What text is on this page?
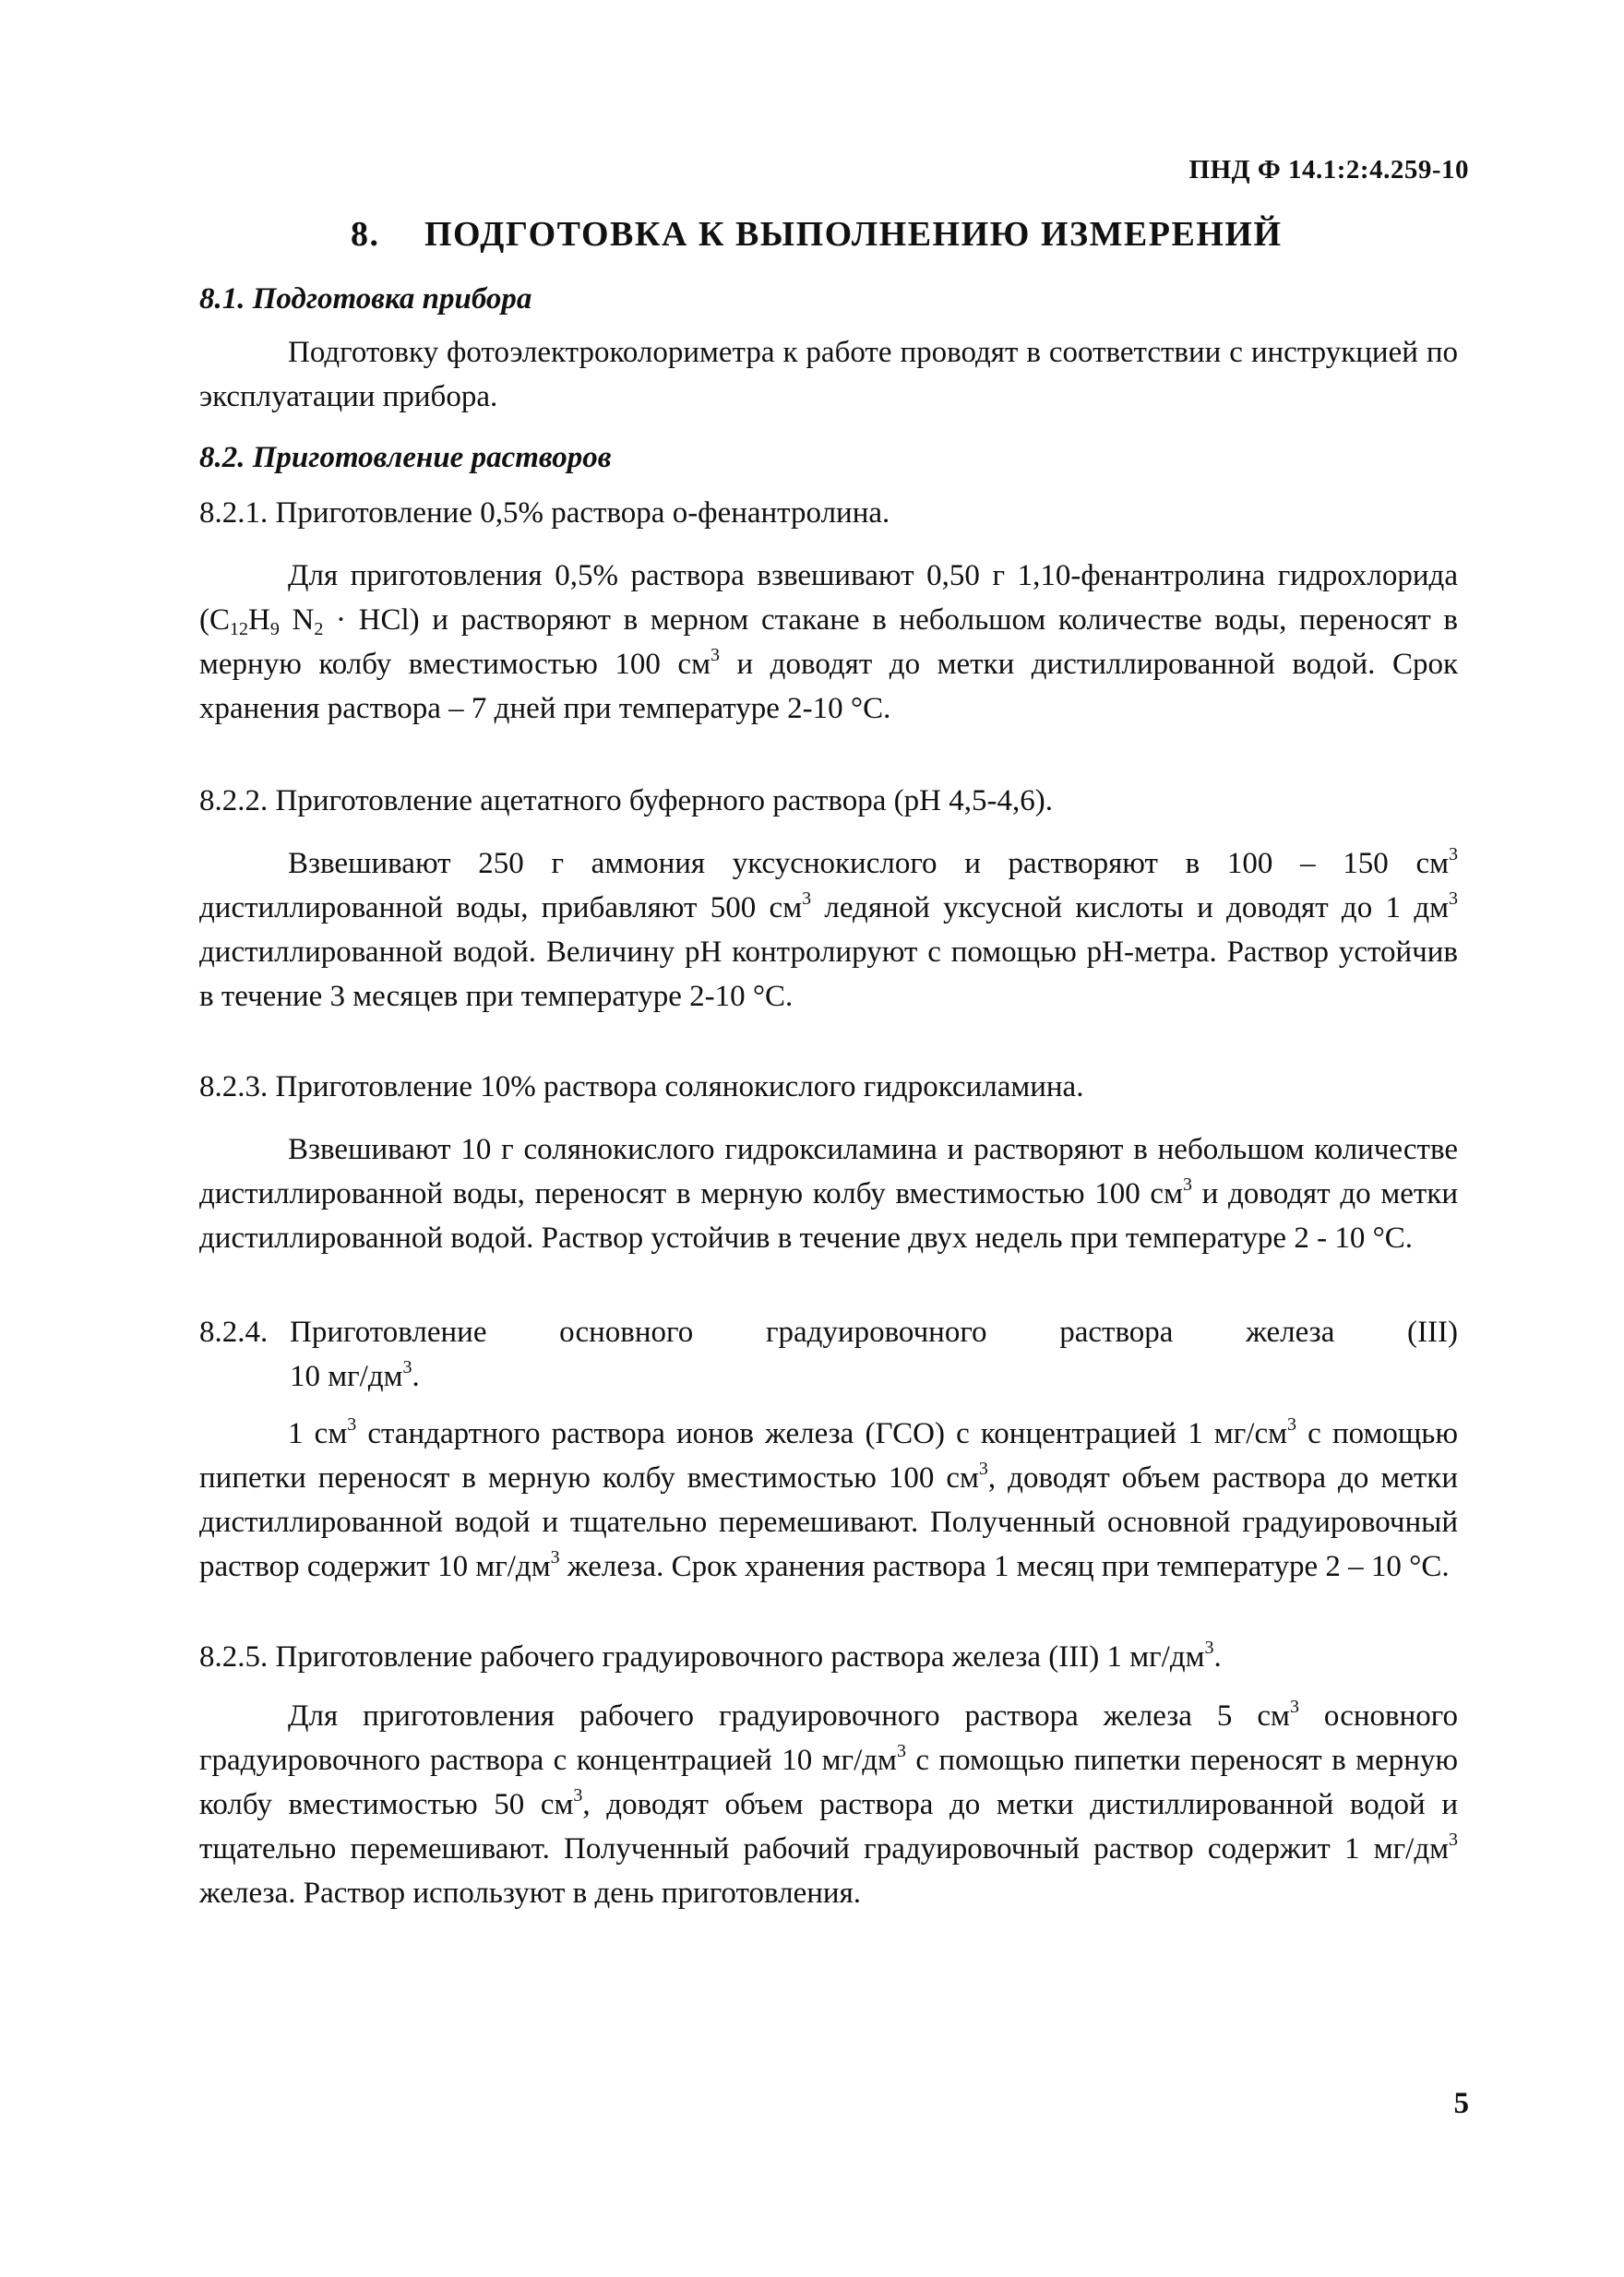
ПНД Ф 14.1:2:4.259-10
8. ПОДГОТОВКА К ВЫПОЛНЕНИЮ ИЗМЕРЕНИЙ
8.1. Подготовка прибора

Подготовку фотоэлектроколориметра к работе проводят в соответствии с инструкцией по эксплуатации прибора.

8.2. Приготовление растворов
8.2.1. Приготовление 0,5% раствора о-фенантролина.

Для приготовления 0,5% раствора взвешивают 0,50 г 1,10-фенантролина гидрохлорида ($C_{12}H_9$ $N_2 \cdot HCl$) и растворяют в мерном стакане в небольшом количестве воды, переносят в мерную колбу вместимостью 100 $см^3$ и доводят до метки дистиллированной водой. Срок хранения раствора – 7 дней при температуре 2-10 °С.

8.2.2. Приготовление ацетатного буферного раствора (pH 4,5-4,6).

Взвешивают 250 г аммония уксуснокислого и растворяют в 100 – 150 $см^3$ дистиллированной воды, прибавляют 500 $см^3$ ледяной уксусной кислоты и доводят до 1 $дм^3$ дистиллированной водой. Величину pH контролируют с помощью pH-метра. Раствор устойчив в течение 3 месяцев при температуре 2-10 °С.

8.2.3. Приготовление 10% раствора солянокислого гидроксиламина.

Взвешивают 10 г солянокислого гидроксиламина и растворяют в небольшом количестве дистиллированной воды, переносят в мерную колбу вместимостью 100 $см^3$ и доводят до метки дистиллированной водой. Раствор устойчив в течение двух недель при температуре 2 - 10 °С.

8.2.4. Приготовление основного градуировочного раствора железа (III)
10 $мг/дм^3$.

1 $см^3$ стандартного раствора ионов железа (ГСО) с концентрацией 1 $мг/см^3$ с помощью пипетки переносят в мерную колбу вместимостью 100 $см^3$, доводят объем раствора до метки дистиллированной водой и тщательно перемешивают. Полученный основной градуировочный раствор содержит 10 $мг/дм^3$ железа. Срок хранения раствора 1 месяц при температуре 2 – 10 °С.

8.2.5. Приготовление рабочего градуировочного раствора железа (III) 1 $мг/дм^3$.

Для приготовления рабочего градуировочного раствора железа 5 $см^3$ основного градуировочного раствора с концентрацией 10 $мг/дм^3$ с помощью пипетки переносят в мерную колбу вместимостью 50 $см^3$, доводят объем раствора до метки дистиллированной водой и тщательно перемешивают. Полученный рабочий градуировочный раствор содержит 1 $мг/дм^3$ железа. Раствор используют в день приготовления.

5
